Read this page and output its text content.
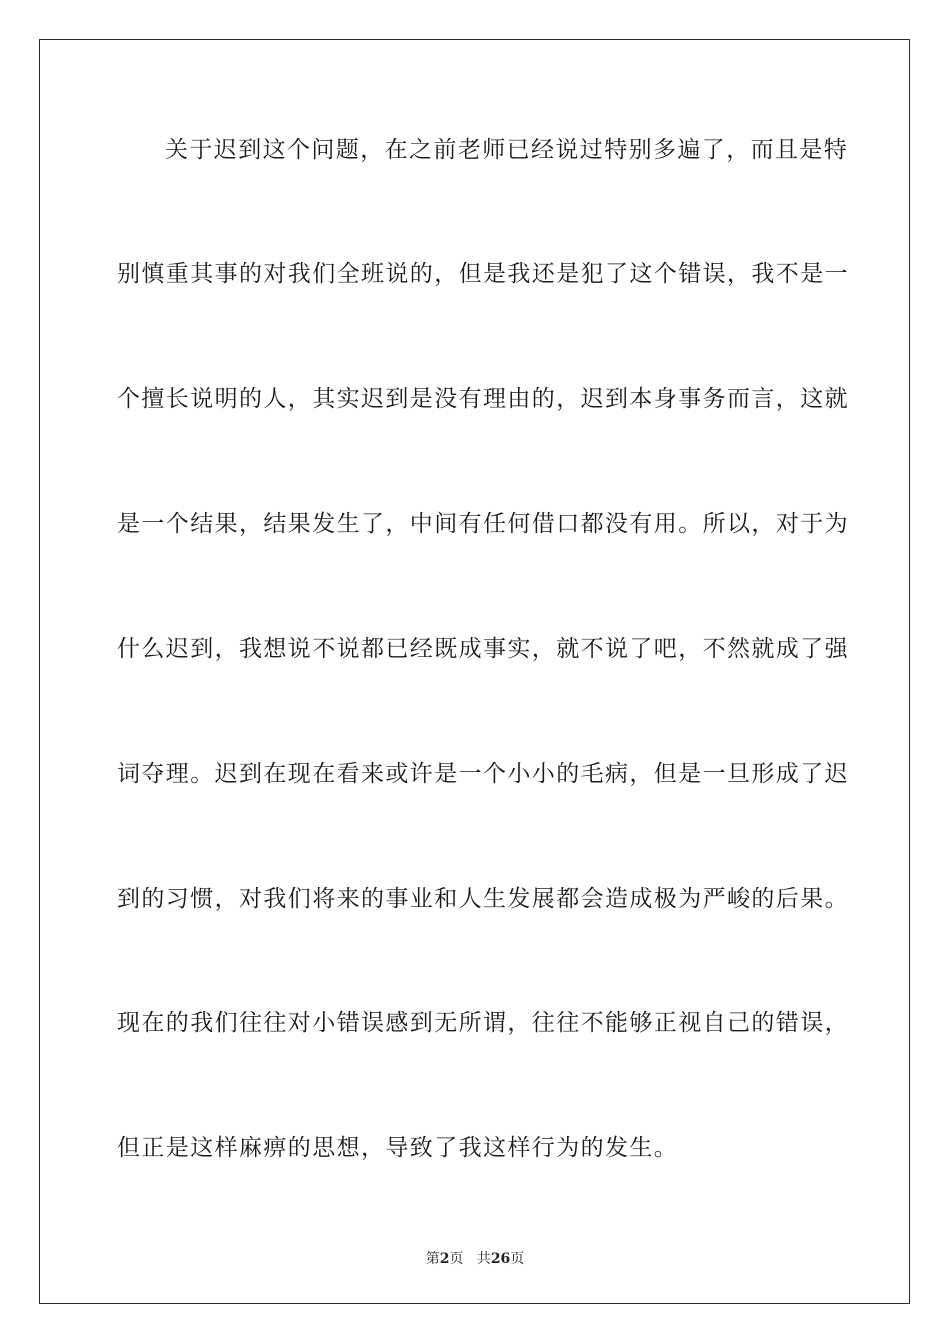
关于迟到这个问题，在之前老师已经说过特别多遍了，而且是特
别慎重其事的对我们全班说的，但是我还是犯了这个错误，我不是一
个擅长说明的人，其实迟到是没有理由的，迟到本身事务而言，这就
是一个结果，结果发生了，中间有任何借口都没有用。所以，对于为
什么迟到，我想说不说都已经既成事实，就不说了吧，不然就成了强
词夺理。迟到在现在看来或许是一个小小的毛病，但是一旦形成了迟
到的习惯，对我们将来的事业和人生发展都会造成极为严峻的后果。
现在的我们往往对小错误感到无所谓，往往不能够正视自己的错误，
但正是这样麻痹的思想，导致了我这样行为的发生。
第2页 共26页
